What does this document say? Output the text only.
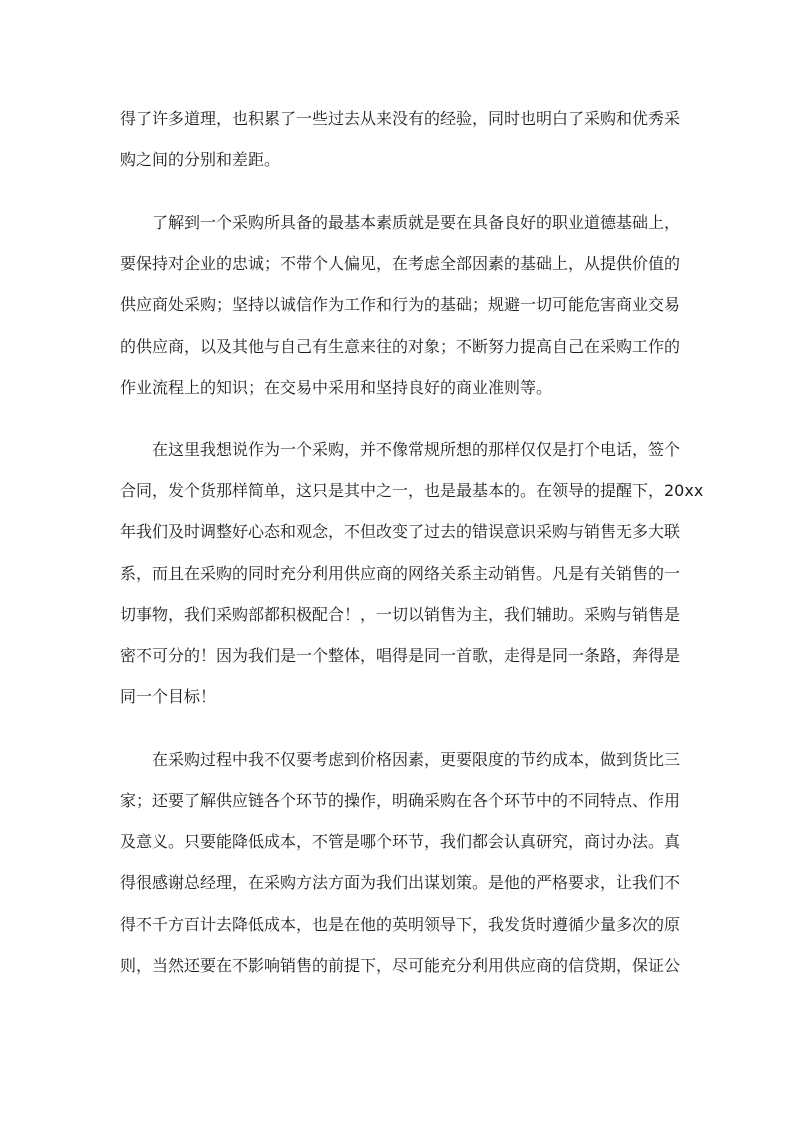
得了许多道理，也积累了一些过去从来没有的经验，同时也明白了采购和优秀采
购之间的分别和差距。
了解到一个采购所具备的最基本素质就是要在具备良好的职业道德基础上，
要保持对企业的忠诚；不带个人偏见，在考虑全部因素的基础上，从提供价值的
供应商处采购；坚持以诚信作为工作和行为的基础；规避一切可能危害商业交易
的供应商，以及其他与自己有生意来往的对象；不断努力提高自己在采购工作的
作业流程上的知识；在交易中采用和坚持良好的商业准则等。
在这里我想说作为一个采购，并不像常规所想的那样仅仅是打个电话，签个
合同，发个货那样简单，这只是其中之一，也是最基本的。在领导的提醒下，20xx
年我们及时调整好心态和观念，不但改变了过去的错误意识采购与销售无多大联
系，而且在采购的同时充分利用供应商的网络关系主动销售。凡是有关销售的一
切事物，我们采购部都积极配合！，一切以销售为主，我们辅助。采购与销售是
密不可分的！因为我们是一个整体，唱得是同一首歌，走得是同一条路，奔得是
同一个目标！
在采购过程中我不仅要考虑到价格因素，更要限度的节约成本，做到货比三
家；还要了解供应链各个环节的操作，明确采购在各个环节中的不同特点、作用
及意义。只要能降低成本，不管是哪个环节，我们都会认真研究，商讨办法。真
得很感谢总经理，在采购方法方面为我们出谋划策。是他的严格要求，让我们不
得不千方百计去降低成本，也是在他的英明领导下，我发货时遵循少量多次的原
则，当然还要在不影响销售的前提下，尽可能充分利用供应商的信贷期，保证公
